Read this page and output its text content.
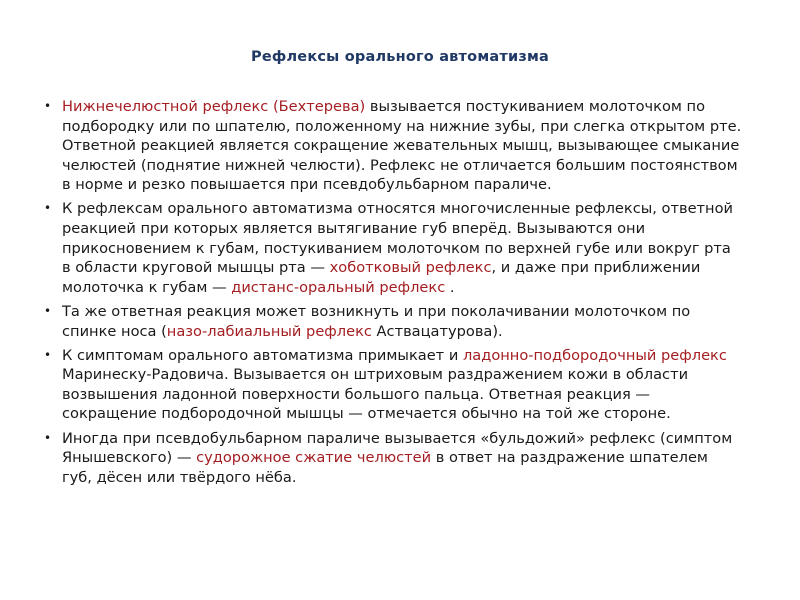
Рефлексы орального автоматизма
• Нижнечелюстной рефлекс (Бехтерева) вызывается постукиванием молоточком по подбородку или по шпателю, положенному на нижние зубы, при слегка открытом рте. Ответной реакцией является сокращение жевательных мышц, вызывающее смыкание челюстей (поднятие нижней челюсти). Рефлекс не отличается большим постоянством в норме и резко повышается при псевдобульбарном параличе.
• К рефлексам орального автоматизма относятся многочисленные рефлексы, ответной реакцией при которых является вытягивание губ вперёд. Вызываются они прикосновением к губам, постукиванием молоточком по верхней губе или вокруг рта в области круговой мышцы рта — хоботковый рефлекс, и даже при приближении молоточка к губам — дистанс-оральный рефлекс .
• Та же ответная реакция может возникнуть и при поколачивании молоточком по спинке носа (назо-лабиальный рефлекс Аствацатурова).
• К симптомам орального автоматизма примыкает и ладонно-подбородочный рефлекс Маринеску-Радовича. Вызывается он штриховым раздражением кожи в области возвышения ладонной поверхности большого пальца. Ответная реакция — сокращение подбородочной мышцы — отмечается обычно на той же стороне.
• Иногда при псевдобульбарном параличе вызывается «бульдожий» рефлекс (симптом Янышевского) — судорожное сжатие челюстей в ответ на раздражение шпателем губ, дёсен или твёрдого нёба.
